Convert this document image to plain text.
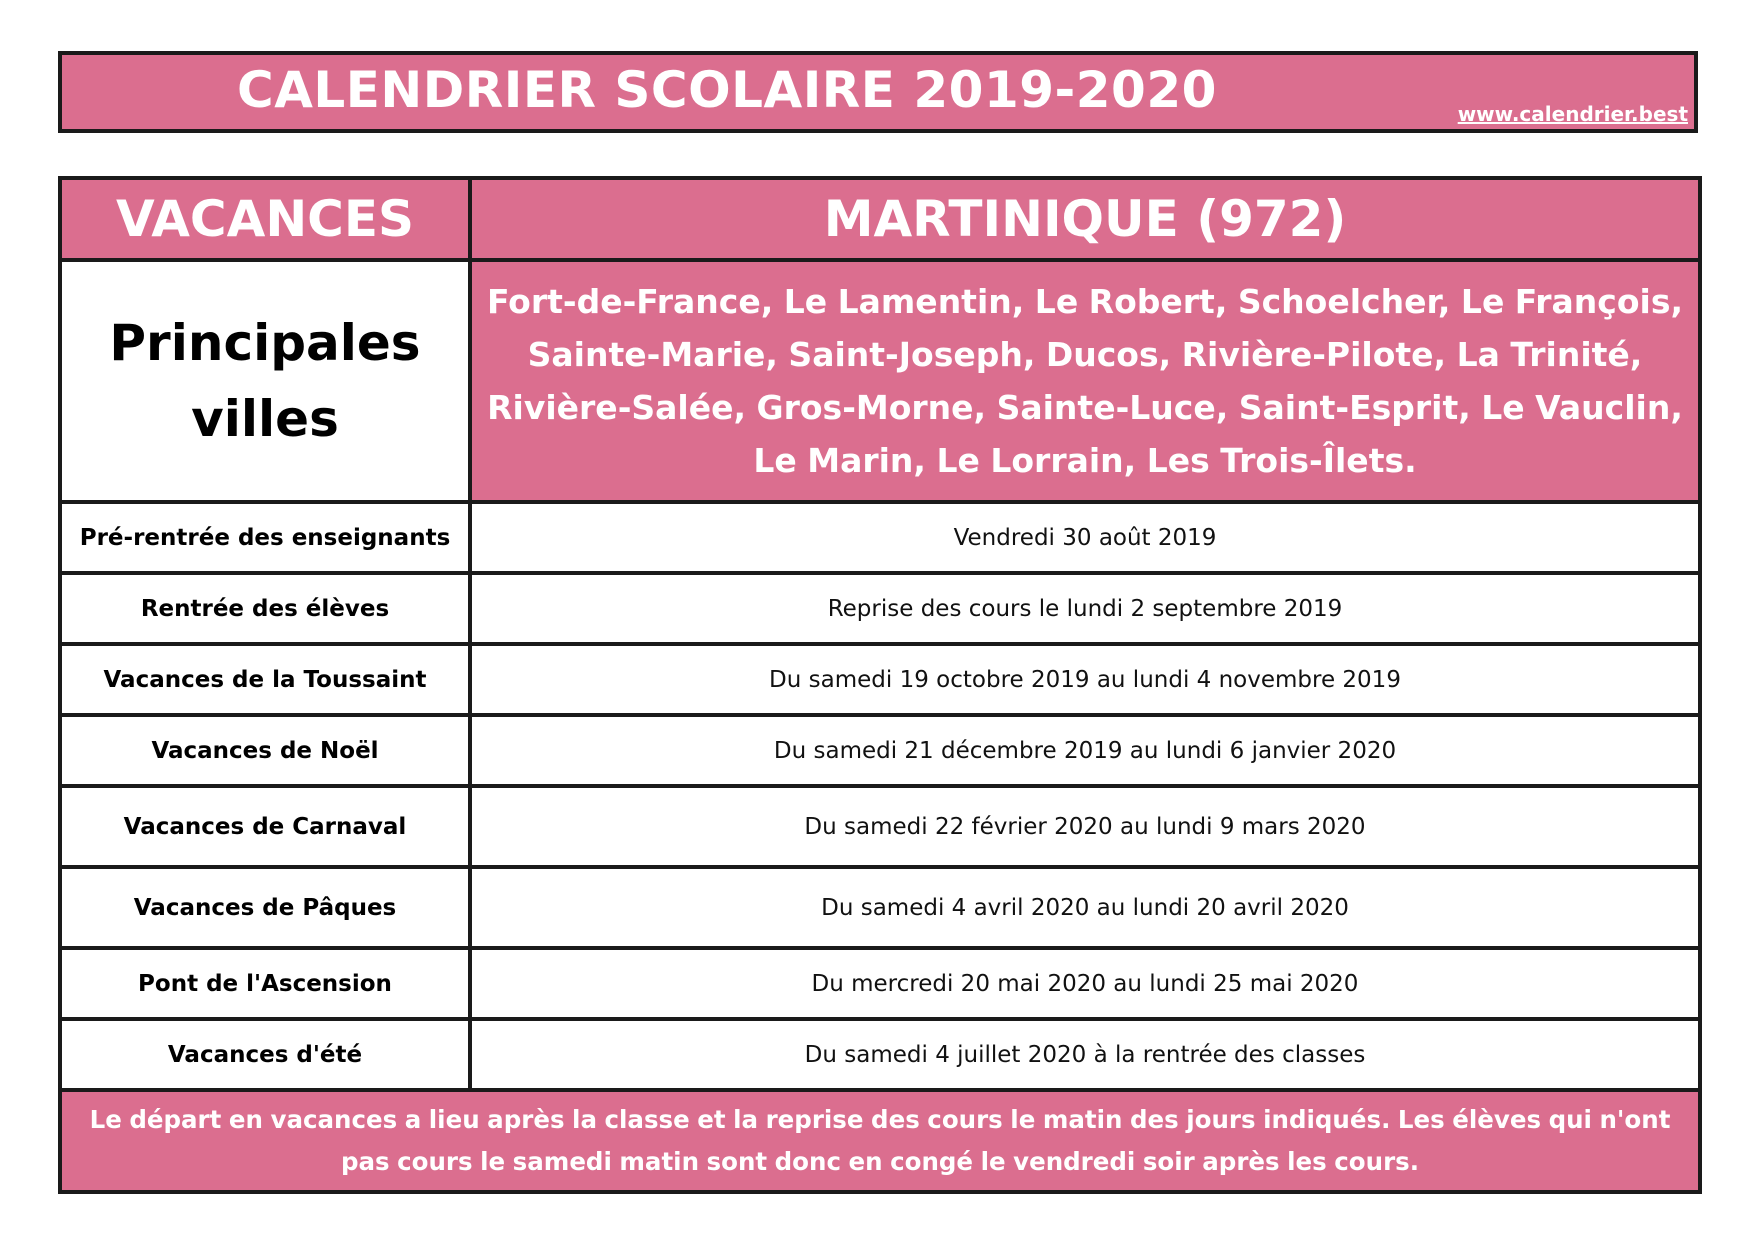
CALENDRIER SCOLAIRE 2019-2020	www.calendrier.best
VACANCES	MARTINIQUE (972)
Principales villes	Fort-de-France, Le Lamentin, Le Robert, Schoelcher, Le François, Sainte-Marie, Saint-Joseph, Ducos, Rivière-Pilote, La Trinité, Rivière-Salée, Gros-Morne, Sainte-Luce, Saint-Esprit, Le Vauclin, Le Marin, Le Lorrain, Les Trois-Îlets.
Pré-rentrée des enseignants	Vendredi 30 août 2019
Rentrée des élèves	Reprise des cours le lundi 2 septembre 2019
Vacances de la Toussaint	Du samedi 19 octobre 2019 au lundi 4 novembre 2019
Vacances de Noël	Du samedi 21 décembre 2019 au lundi 6 janvier 2020
Vacances de Carnaval	Du samedi 22 février 2020 au lundi 9 mars 2020
Vacances de Pâques	Du samedi 4 avril 2020 au lundi 20 avril 2020
Pont de l'Ascension	Du mercredi 20 mai 2020 au lundi 25 mai 2020
Vacances d'été	Du samedi 4 juillet 2020 à la rentrée des classes
Le départ en vacances a lieu après la classe et la reprise des cours le matin des jours indiqués. Les élèves qui n'ont pas cours le samedi matin sont donc en congé le vendredi soir après les cours.	
